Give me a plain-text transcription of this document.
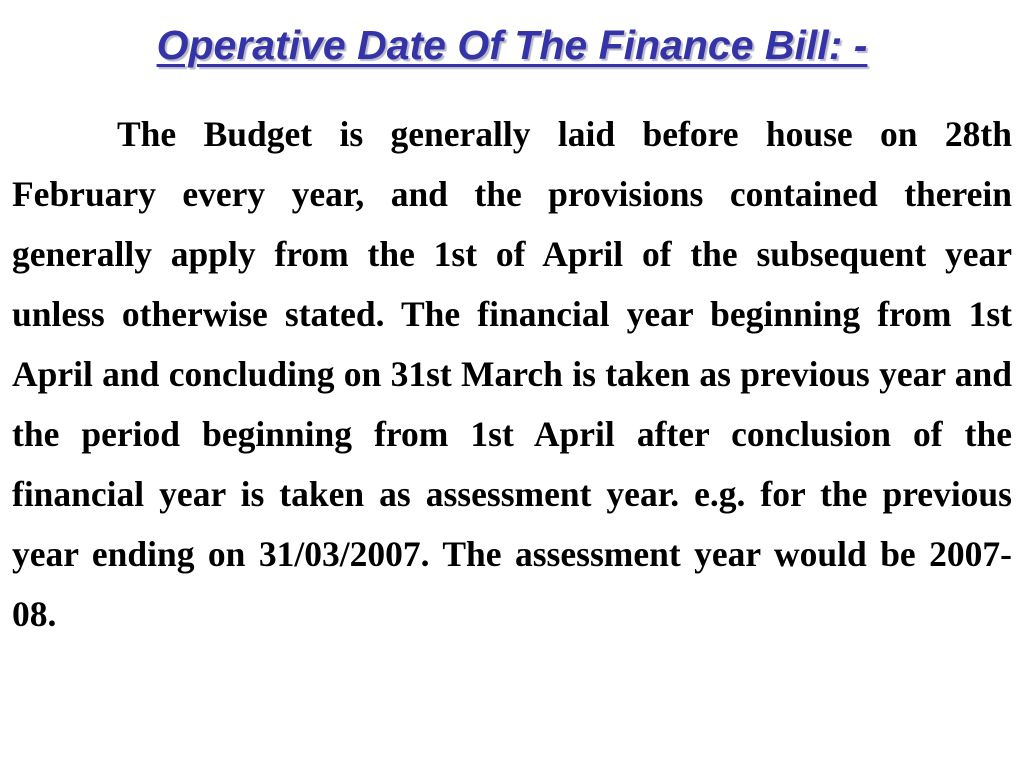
Operative Date Of The Finance Bill: -

The Budget is generally laid before house on 28th February every year, and the provisions contained therein generally apply from the 1st of April of the subsequent year unless otherwise stated. The financial year beginning from 1st April and concluding on 31st March is taken as previous year and the period beginning from 1st April after conclusion of the financial year is taken as assessment year. e.g. for the previous year ending on 31/03/2007. The assessment year would be 2007-08.
